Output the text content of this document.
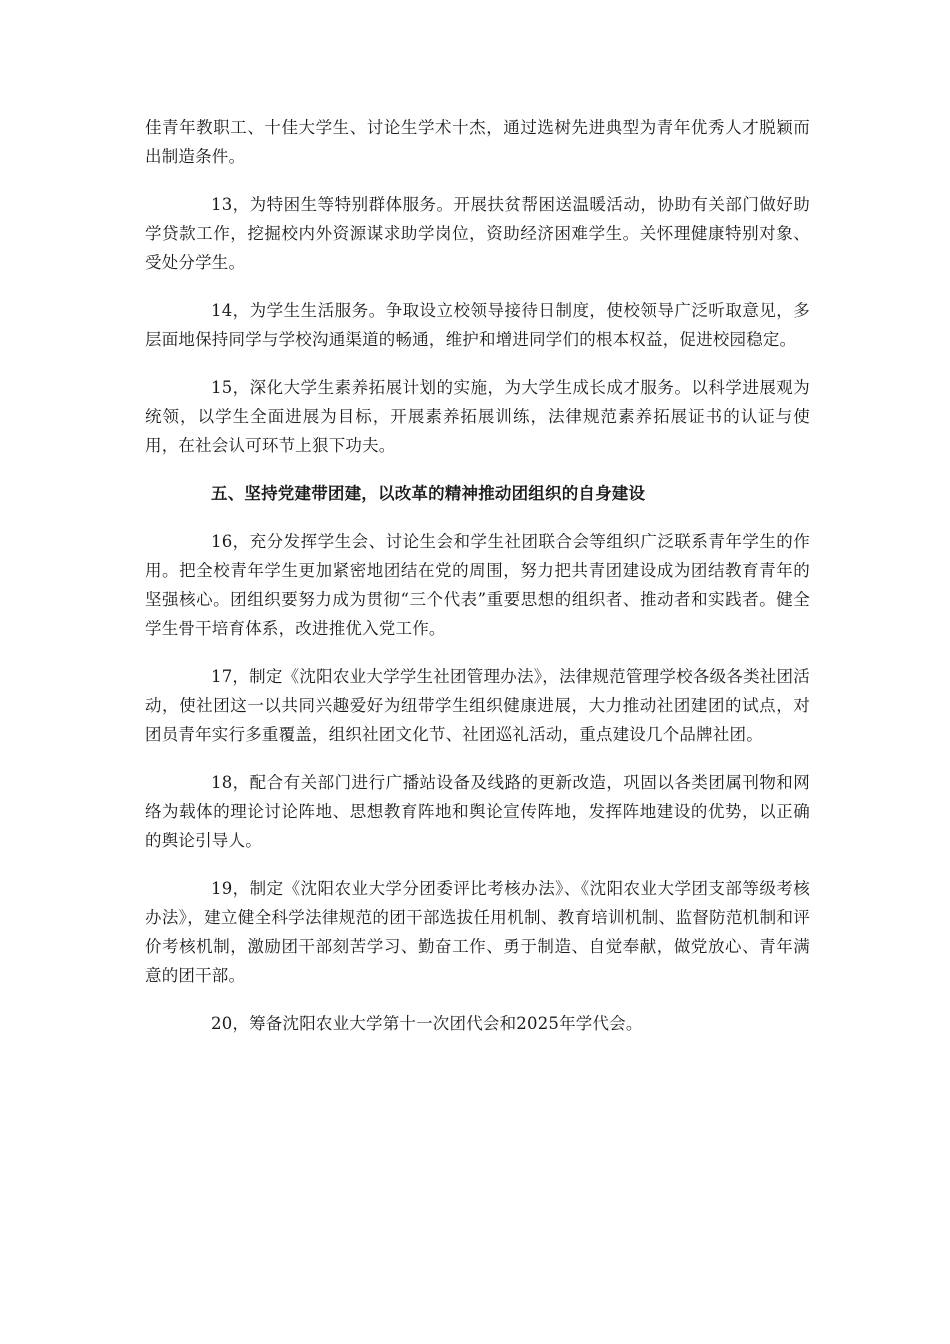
佳青年教职工、十佳大学生、讨论生学术十杰，通过选树先进典型为青年优秀人才脱颖而出制造条件。

13，为特困生等特别群体服务。开展扶贫帮困送温暖活动，协助有关部门做好助学贷款工作，挖掘校内外资源谋求助学岗位，资助经济困难学生。关怀理健康特别对象、受处分学生。

14，为学生生活服务。争取设立校领导接待日制度，使校领导广泛听取意见，多层面地保持同学与学校沟通渠道的畅通，维护和增进同学们的根本权益，促进校园稳定。

15，深化大学生素养拓展计划的实施，为大学生成长成才服务。以科学进展观为统领，以学生全面进展为目标，开展素养拓展训练，法律规范素养拓展证书的认证与使用，在社会认可环节上狠下功夫。

五、坚持党建带团建，以改革的精神推动团组织的自身建设

16，充分发挥学生会、讨论生会和学生社团联合会等组织广泛联系青年学生的作用。把全校青年学生更加紧密地团结在党的周围，努力把共青团建设成为团结教育青年的坚强核心。团组织要努力成为贯彻“三个代表”重要思想的组织者、推动者和实践者。健全学生骨干培育体系，改进推优入党工作。

17，制定《沈阳农业大学学生社团管理办法》，法律规范管理学校各级各类社团活动，使社团这一以共同兴趣爱好为纽带学生组织健康进展，大力推动社团建团的试点，对团员青年实行多重覆盖，组织社团文化节、社团巡礼活动，重点建设几个品牌社团。

18，配合有关部门进行广播站设备及线路的更新改造，巩固以各类团属刊物和网络为载体的理论讨论阵地、思想教育阵地和舆论宣传阵地，发挥阵地建设的优势，以正确的舆论引导人。

19，制定《沈阳农业大学分团委评比考核办法》、《沈阳农业大学团支部等级考核办法》，建立健全科学法律规范的团干部选拔任用机制、教育培训机制、监督防范机制和评价考核机制，激励团干部刻苦学习、勤奋工作、勇于制造、自觉奉献，做党放心、青年满意的团干部。

20，筹备沈阳农业大学第十一次团代会和2025年学代会。
